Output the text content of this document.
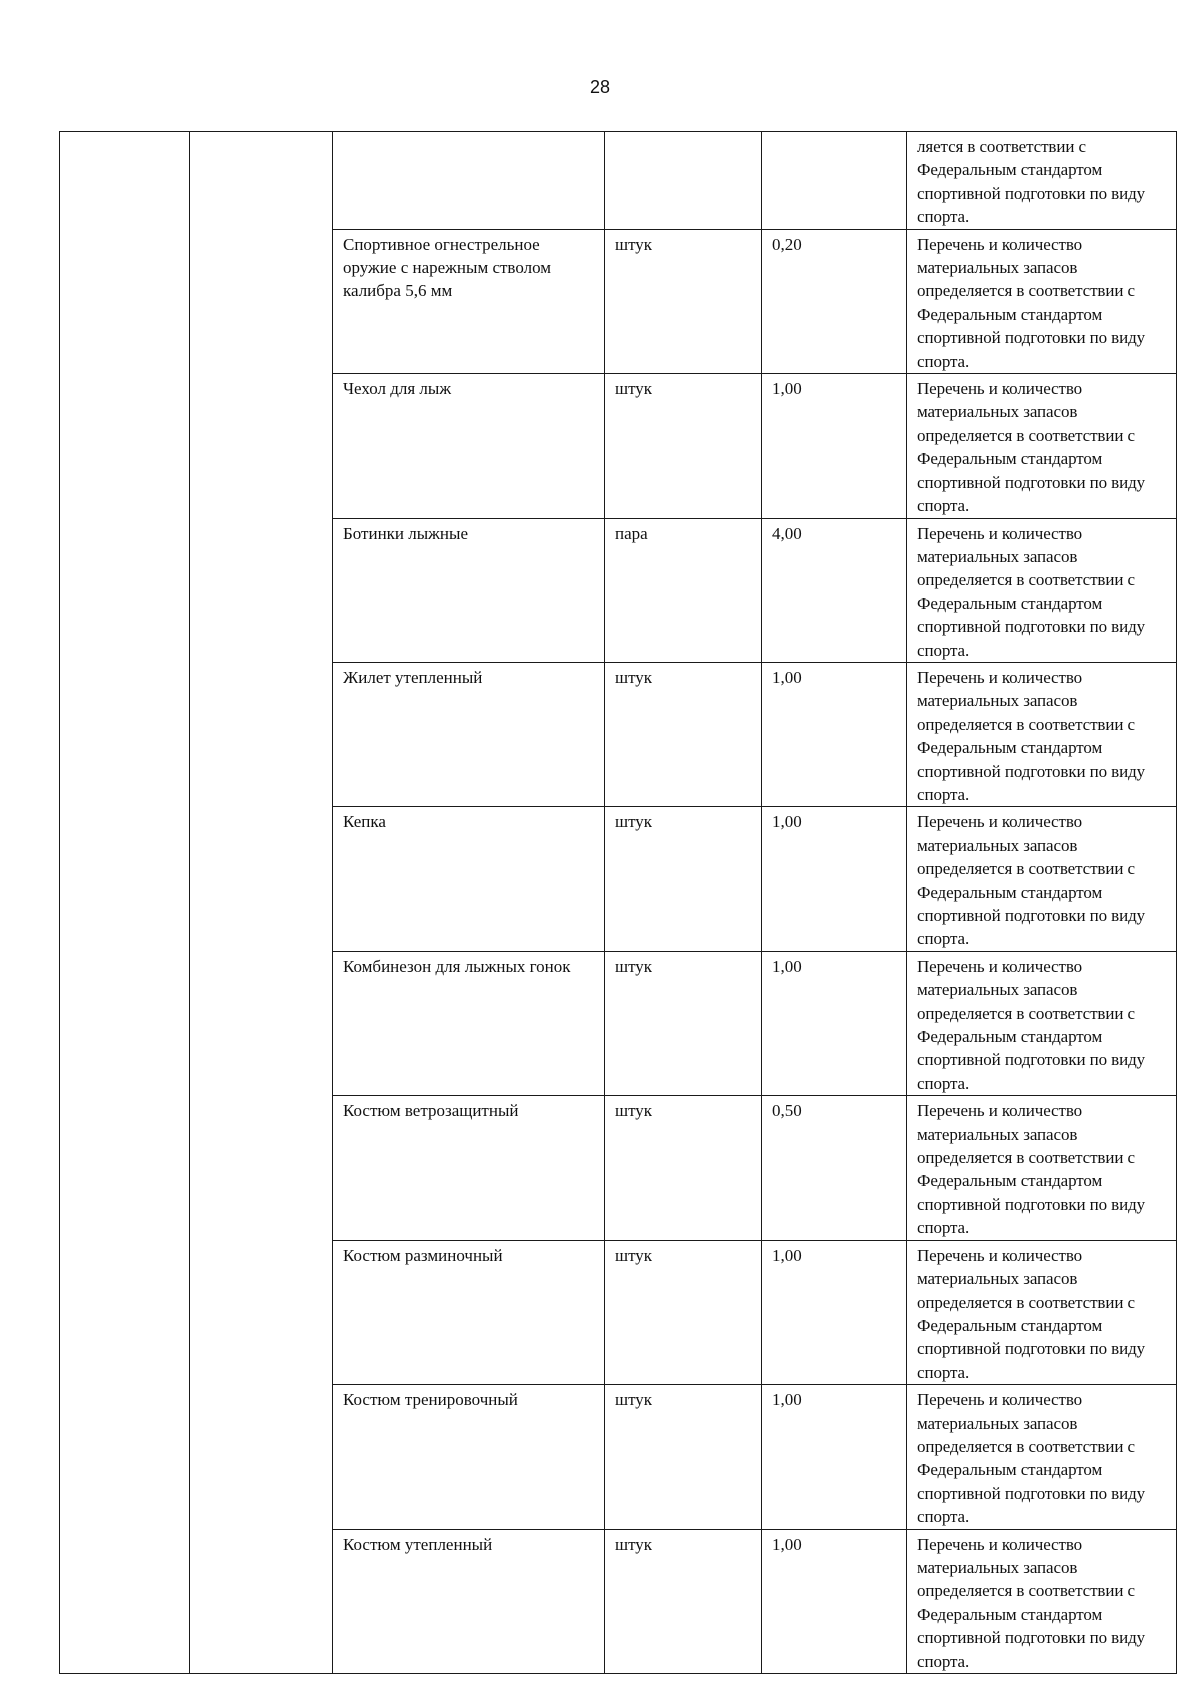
28
					ляется в соответствии с Федеральным стандартом спортивной подготовки по виду спорта.
		Спортивное огнестрельное оружие с нарежным стволом калибра 5,6 мм	штук	0,20	Перечень и количество материальных запасов определяется в соответствии с Федеральным стандартом спортивной подготовки по виду спорта.
		Чехол для лыж	штук	1,00	Перечень и количество материальных запасов определяется в соответствии с Федеральным стандартом спортивной подготовки по виду спорта.
		Ботинки лыжные	пара	4,00	Перечень и количество материальных запасов определяется в соответствии с Федеральным стандартом спортивной подготовки по виду спорта.
		Жилет утепленный	штук	1,00	Перечень и количество материальных запасов определяется в соответствии с Федеральным стандартом спортивной подготовки по виду спорта.
		Кепка	штук	1,00	Перечень и количество материальных запасов определяется в соответствии с Федеральным стандартом спортивной подготовки по виду спорта.
		Комбинезон для лыжных гонок	штук	1,00	Перечень и количество материальных запасов определяется в соответствии с Федеральным стандартом спортивной подготовки по виду спорта.
		Костюм ветрозащитный	штук	0,50	Перечень и количество материальных запасов определяется в соответствии с Федеральным стандартом спортивной подготовки по виду спорта.
		Костюм разминочный	штук	1,00	Перечень и количество материальных запасов определяется в соответствии с Федеральным стандартом спортивной подготовки по виду спорта.
		Костюм тренировочный	штук	1,00	Перечень и количество материальных запасов определяется в соответствии с Федеральным стандартом спортивной подготовки по виду спорта.
		Костюм утепленный	штук	1,00	Перечень и количество материальных запасов определяется в соответствии с Федеральным стандартом спортивной подготовки по виду спорта.
